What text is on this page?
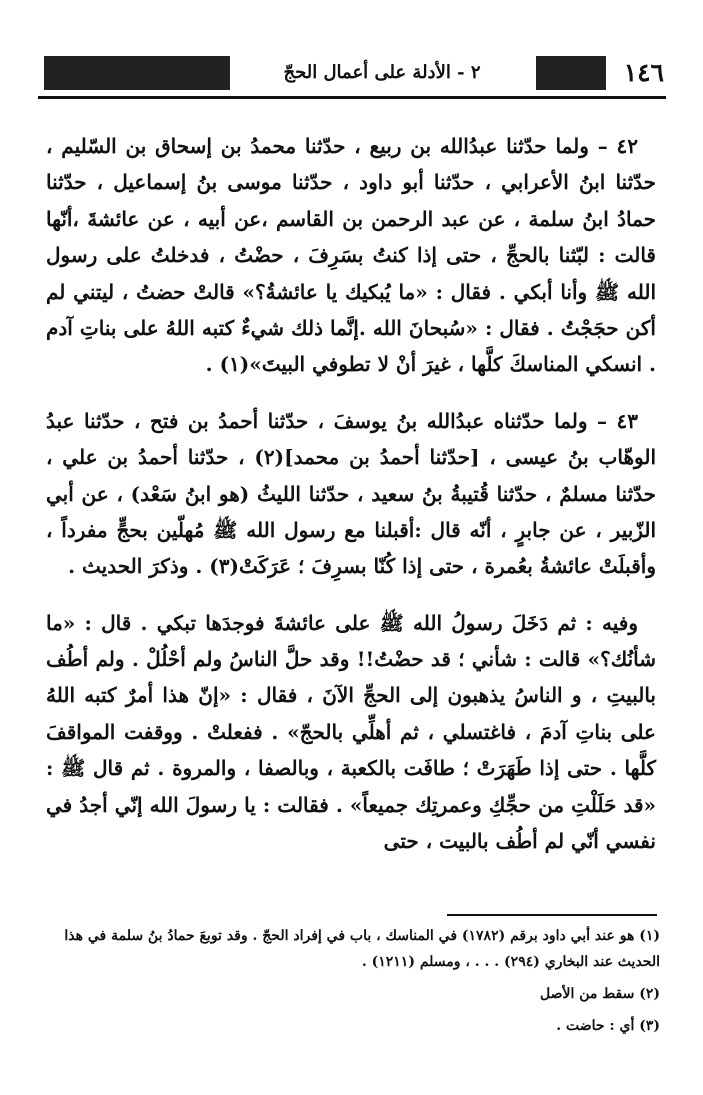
١٤٦
٢ - الأدلة على أعمال الحجّ

٤٢ – ولما حدّثنا عبدُالله بن ربيع ، حدّثنا محمدُ بن إسحاق بن السّليم ، حدّثنا ابنُ الأعرابي ، حدّثنا أبو داود ، حدّثنا موسى بنُ إسماعيل ، حدّثنا حمادُ ابنُ سلمة ، عن عبد الرحمن بن القاسم ،عن أبيه ، عن عائشةَ ،أنّها قالت : لبّثنا بالحجِّ ، حتى إذا كنتُ بسَرِفَ ، حضْتُ ، فدخلتُ على رسول الله ﷺ وأنا أبكي . فقال : «ما يُبكيك يا عائشةُ؟» قالتْ حضتُ ، ليتني لم أكن حجَجْتُ . فقال : «سُبحانَ الله .إنَّما ذلك شيءٌ كتبه اللهُ على بناتِ آدم . انسكي المناسكَ كلَّها ، غيرَ أنْ لا تطوفي البيتَ»(١) .

٤٣ – ولما حدّثناه عبدُالله بنُ يوسفَ ، حدّثنا أحمدُ بن فتح ، حدّثنا عبدُ الوهّاب بنُ عيسى ، [حدّثنا أحمدُ بن محمد](٢) ، حدّثنا أحمدُ بن علي ، حدّثنا مسلمٌ ، حدّثنا قُتيبةُ بنُ سعيد ، حدّثنا الليثُ (هو ابنُ سَعْد) ، عن أبي الزّبير ، عن جابرٍ ، أنّه قال :أقبلنا مع رسول الله ﷺ مُهلّين بحجٍّ مفرداً ، وأقبلَتْ عائشةُ بعُمرة ، حتى إذا كُنّا بسرِفَ ؛ عَرَكَتْ(٣) . وذكرَ الحديث .

وفيه : ثم دَخَلَ رسولُ الله ﷺ على عائشةَ فوجدَها تبكي . قال : «ما شأنُك؟» قالت : شأني ؛ قد حضْتُ!! وقد حلَّ الناسُ ولم أحْلُلْ . ولم أطُف بالبيتِ ، و الناسُ يذهبون إلى الحجِّ الآنَ ، فقال : «إنّ هذا أمرٌ كتبه اللهُ على بناتِ آدمَ ، فاغتسلي ، ثم أهلِّي بالحجّ» . ففعلتْ . ووقفت المواقفَ كلَّها . حتى إذا طَهَرَتْ ؛ طافَت بالكعبة ، وبالصفا ، والمروة . ثم قال ﷺ : «قد حَلَلْتِ من حجِّكِ وعمرتِك جميعاً» . فقالت : يا رسولَ الله إنّي أجدُ في نفسي أنّي لم أطُف بالبيت ، حتى

(١) هو عند أبي داود برقم (١٧٨٢) في المناسك ، باب في إفراد الحجّ . وقد توبعَ حمادُ بنُ سلمة في هذا الحديث عند البخاري (٢٩٤) . . . ، ومسلم (١٢١١) .

(٢) سقط من الأصل

(٣) أي : حاضت .
